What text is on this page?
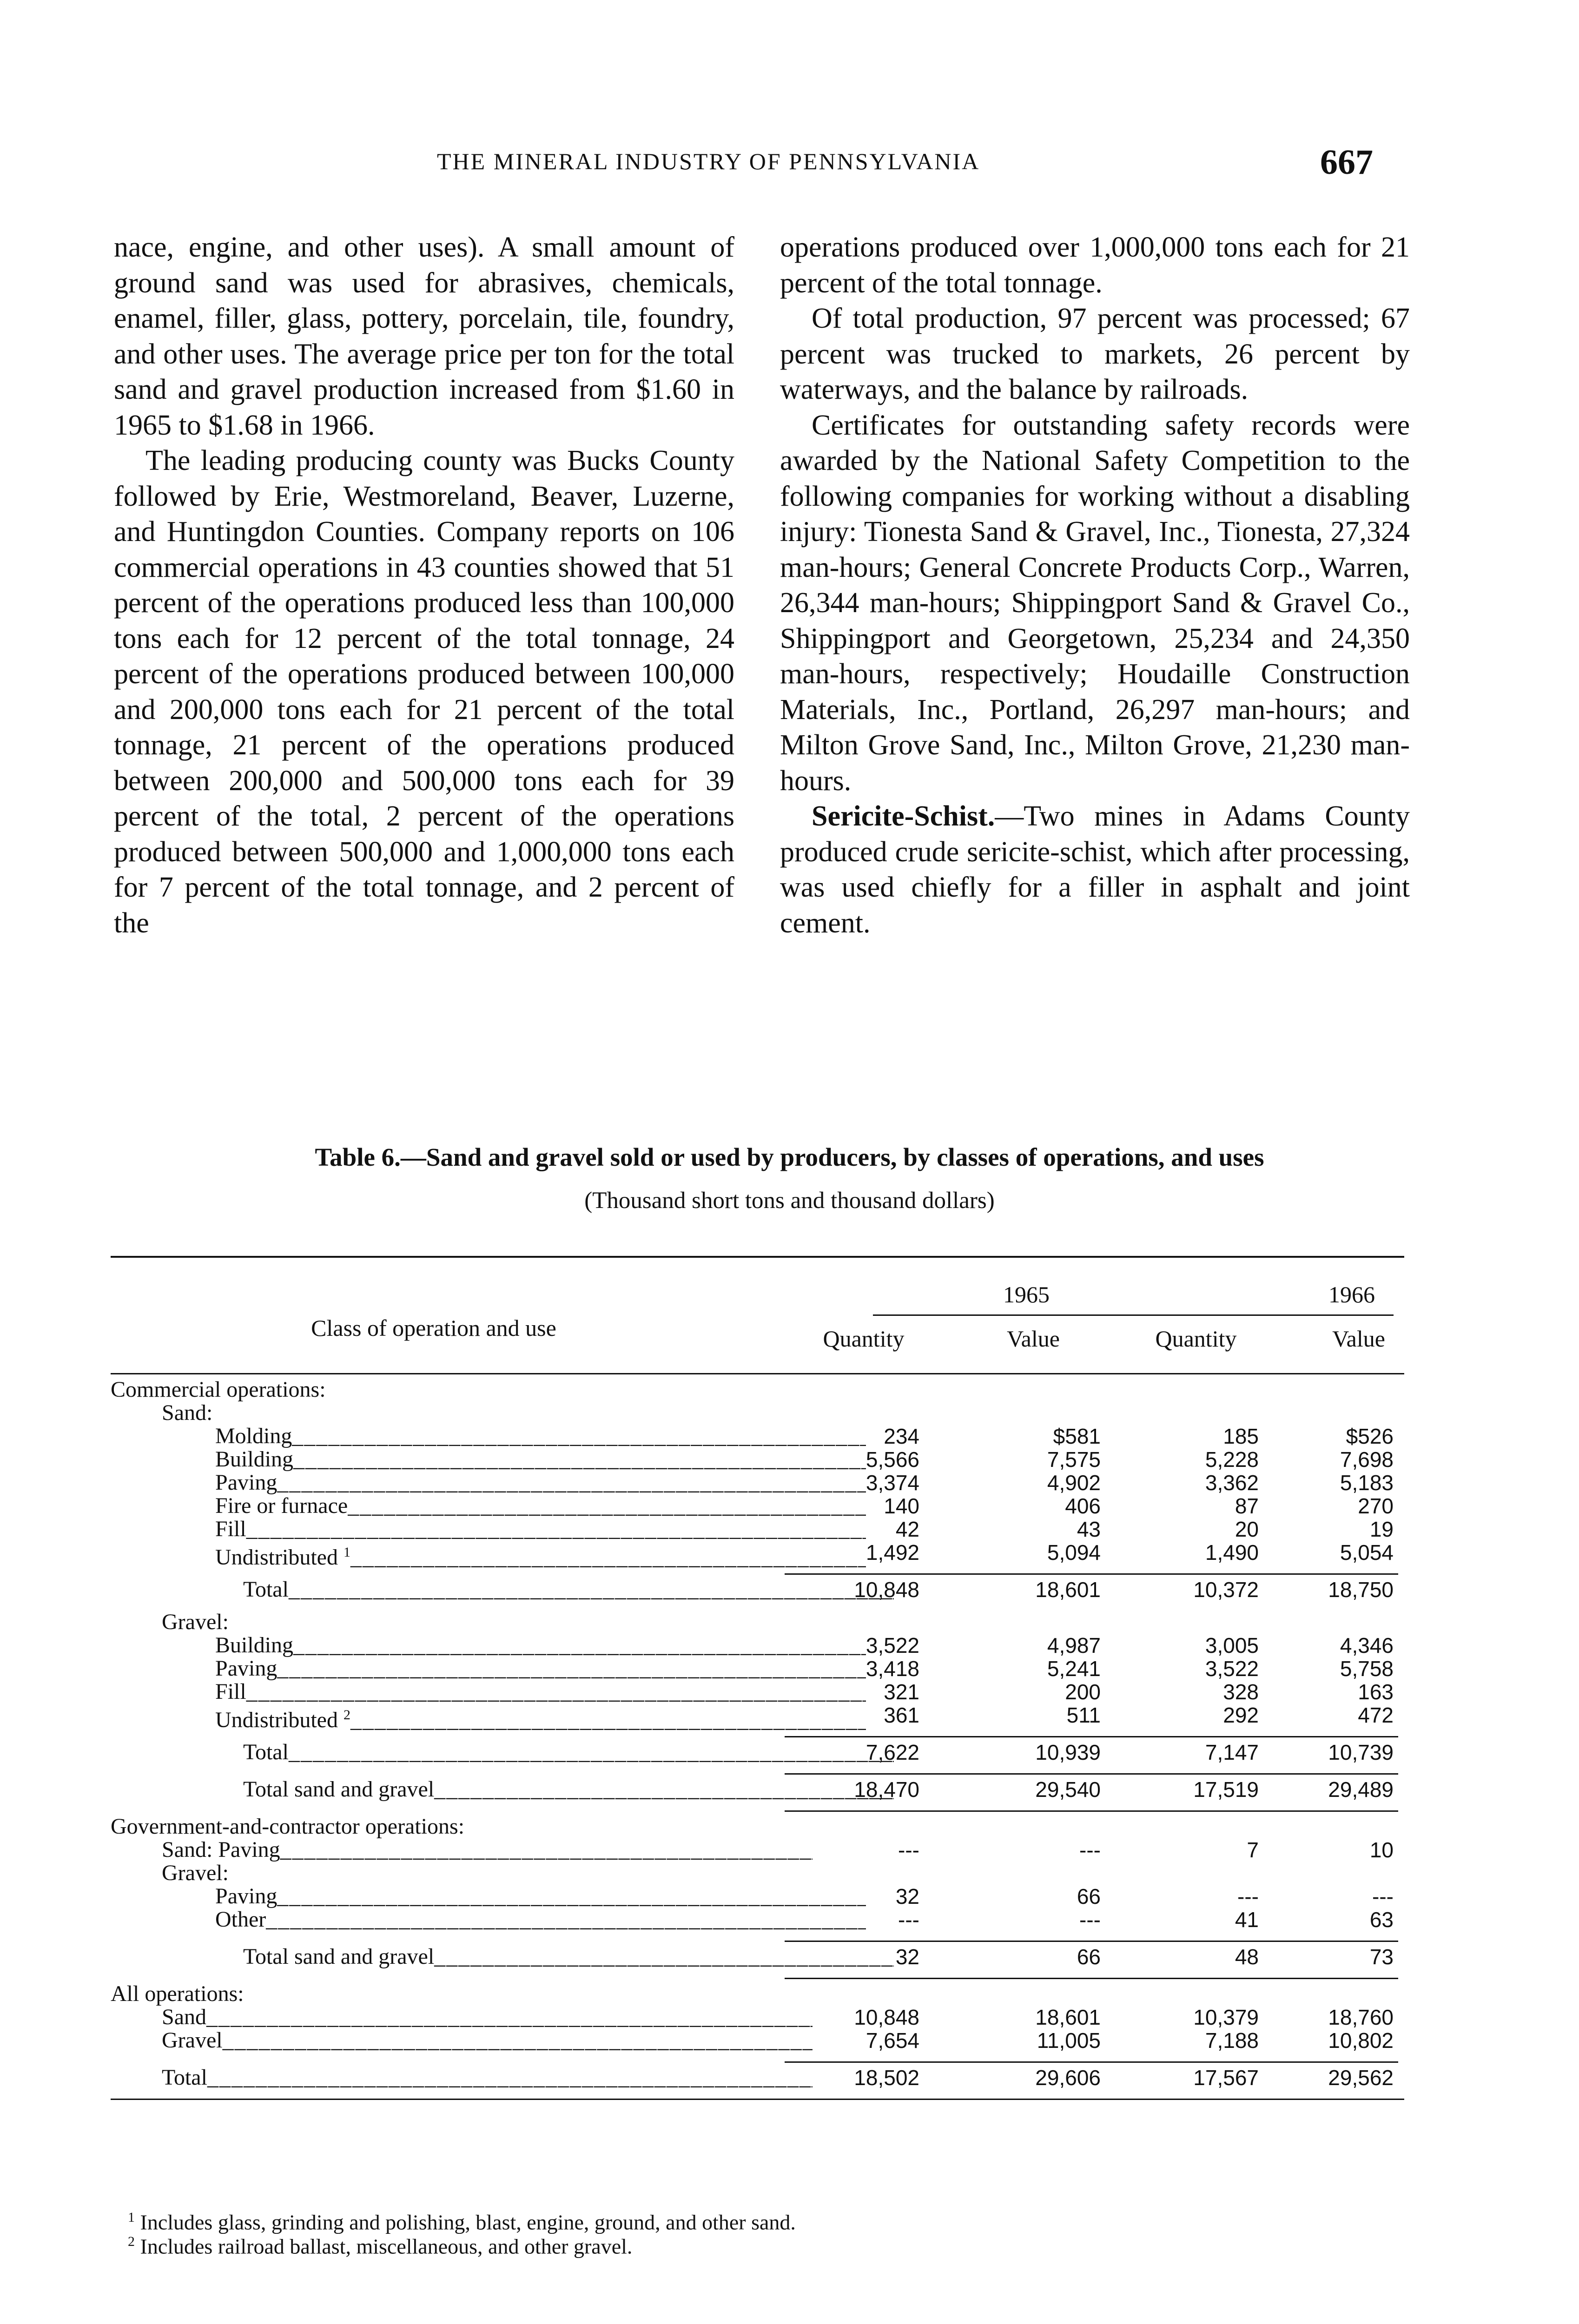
THE MINERAL INDUSTRY OF PENNSYLVANIA	667

nace, engine, and other uses). A small amount of ground sand was used for abrasives, chemicals, enamel, filler, glass, pottery, porcelain, tile, foundry, and other uses. The average price per ton for the total sand and gravel production increased from $1.60 in 1965 to $1.68 in 1966.

The leading producing county was Bucks County followed by Erie, Westmoreland, Beaver, Luzerne, and Huntingdon Counties. Company reports on 106 commercial operations in 43 counties showed that 51 percent of the operations produced less than 100,000 tons each for 12 percent of the total tonnage, 24 percent of the operations produced between 100,000 and 200,000 tons each for 21 percent of the total tonnage, 21 percent of the operations produced between 200,000 and 500,000 tons each for 39 percent of the total, 2 percent of the operations produced between 500,000 and 1,000,000 tons each for 7 percent of the total tonnage, and 2 percent of the

operations produced over 1,000,000 tons each for 21 percent of the total tonnage.

Of total production, 97 percent was processed; 67 percent was trucked to markets, 26 percent by waterways, and the balance by railroads.

Certificates for outstanding safety records were awarded by the National Safety Competition to the following companies for working without a disabling injury: Tionesta Sand & Gravel, Inc., Tionesta, 27,324 man-hours; General Concrete Products Corp., Warren, 26,344 man-hours; Shippingport Sand & Gravel Co., Shippingport and Georgetown, 25,234 and 24,350 man-hours, respectively; Houdaille Construction Materials, Inc., Portland, 26,297 man-hours; and Milton Grove Sand, Inc., Milton Grove, 21,230 man-hours.

Sericite-Schist.—Two mines in Adams County produced crude sericite-schist, which after processing, was used chiefly for a filler in asphalt and joint cement.

Table 6.—Sand and gravel sold or used by producers, by classes of operations, and uses
(Thousand short tons and thousand dollars)
Class of operation and use
1965	1966
Quantity	Value	Quantity	Value
Commercial operations:
Sand:
Molding _____	234	$581	185	$526
Building _____	5,566	7,575	5,228	7,698
Paving _____	3,374	4,902	3,362	5,183
Fire or furnace _____	140	406	87	270
Fill _____	42	43	20	19
Undistributed $^1$ _____	1,492	5,094	1,490	5,054
Total _____	10,848	18,601	10,372	18,750
Gravel:
Building _____	3,522	4,987	3,005	4,346
Paving _____	3,418	5,241	3,522	5,758
Fill _____	321	200	328	163
Undistributed $^2$ _____	361	511	292	472
Total _____	7,622	10,939	7,147	10,739
Total sand and gravel _____	18,470	29,540	17,519	29,489
Government-and-contractor operations:
Sand: Paving _____	---	---	7	10
Gravel:
Paving _____	32	66	---	---
Other _____	---	---	41	63
Total sand and gravel _____	32	66	48	73
All operations:
Sand _____	10,848	18,601	10,379	18,760
Gravel _____	7,654	11,005	7,188	10,802
Total _____	18,502	29,606	17,567	29,562
$^1$ Includes glass, grinding and polishing, blast, engine, ground, and other sand.
$^2$ Includes railroad ballast, miscellaneous, and other gravel.
